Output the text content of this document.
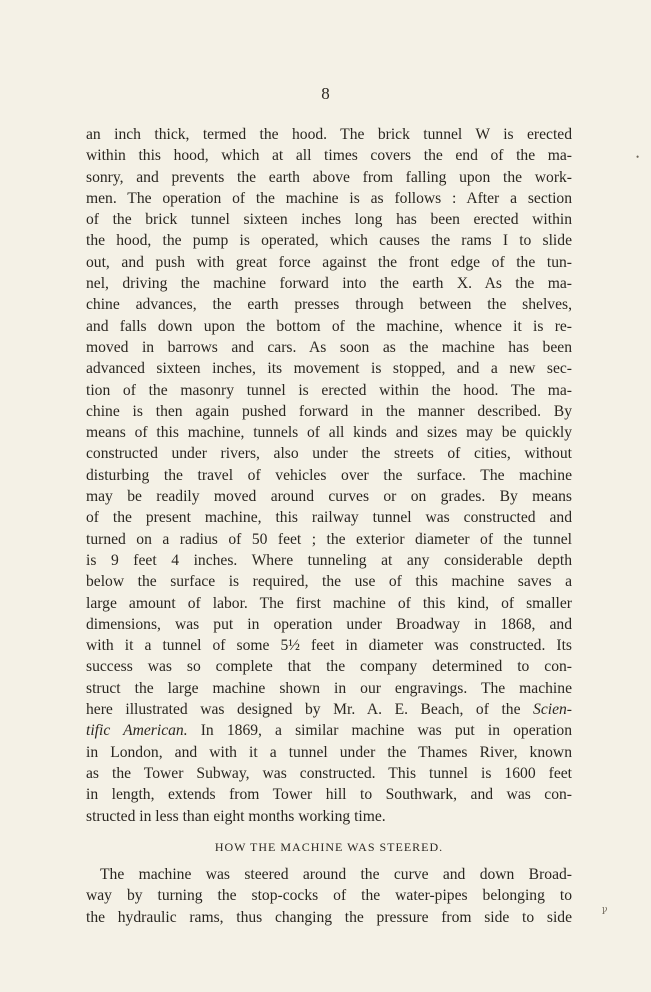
8
•
ꝩ
an inch thick, termed the hood. The brick tunnel W is erected
within this hood, which at all times covers the end of the ma-
sonry, and prevents the earth above from falling upon the work-
men. The operation of the machine is as follows : After a section
of the brick tunnel sixteen inches long has been erected within
the hood, the pump is operated, which causes the rams I to slide
out, and push with great force against the front edge of the tun-
nel, driving the machine forward into the earth X. As the ma-
chine advances, the earth presses through between the shelves,
and falls down upon the bottom of the machine, whence it is re-
moved in barrows and cars. As soon as the machine has been
advanced sixteen inches, its movement is stopped, and a new sec-
tion of the masonry tunnel is erected within the hood. The ma-
chine is then again pushed forward in the manner described. By
means of this machine, tunnels of all kinds and sizes may be quickly
constructed under rivers, also under the streets of cities, without
disturbing the travel of vehicles over the surface. The machine
may be readily moved around curves or on grades. By means
of the present machine, this railway tunnel was constructed and
turned on a radius of 50 feet ; the exterior diameter of the tunnel
is 9 feet 4 inches. Where tunneling at any considerable depth
below the surface is required, the use of this machine saves a
large amount of labor. The first machine of this kind, of smaller
dimensions, was put in operation under Broadway in 1868, and
with it a tunnel of some 5½ feet in diameter was constructed. Its
success was so complete that the company determined to con-
struct the large machine shown in our engravings. The machine
here illustrated was designed by Mr. A. E. Beach, of the Scien-
tific American. In 1869, a similar machine was put in operation
in London, and with it a tunnel under the Thames River, known
as the Tower Subway, was constructed. This tunnel is 1600 feet
in length, extends from Tower hill to Southwark, and was con-
structed in less than eight months working time.
HOW THE MACHINE WAS STEERED.
The machine was steered around the curve and down Broad-
way by turning the stop-cocks of the water-pipes belonging to
the hydraulic rams, thus changing the pressure from side to side
